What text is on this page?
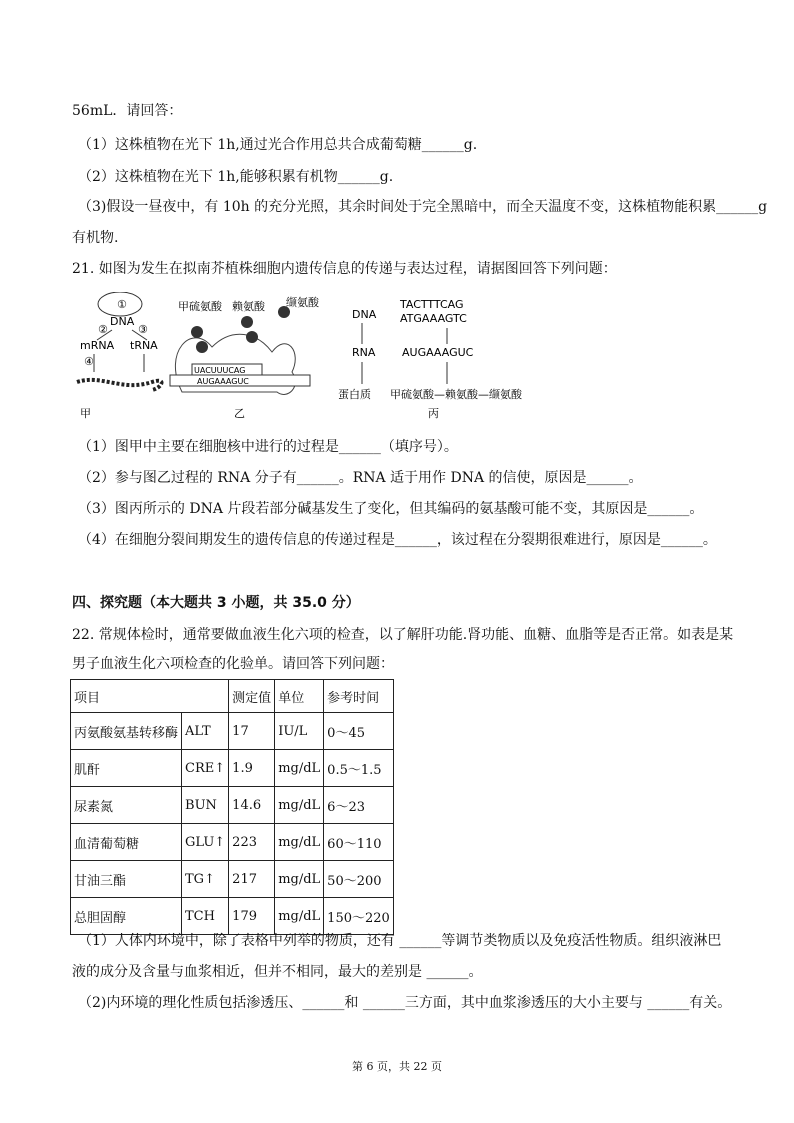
56mL．请回答：
（1）这株植物在光下 1h,通过光合作用总共合成葡萄糖______g.
（2）这株植物在光下 1h,能够积累有机物______g.
（3)假设一昼夜中，有 10h 的充分光照，其余时间处于完全黑暗中，而全天温度不变，这株植物能积累______g
有机物.
21. 如图为发生在拟南芥植株细胞内遗传信息的传递与表达过程，请据图回答下列问题：
①
DNA
②	③
mRNA tRNA
④
甲
甲硫氨酸 赖氨酸 缬氨酸
UACUUUCAG
AUGAAAGUC
乙
DNA
RNA
蛋白质
TACTTTCAG
ATGAAAGTC
AUGAAAGUC
甲硫氨酸—赖氨酸—缬氨酸
丙
（1）图甲中主要在细胞核中进行的过程是______（填序号）。
（2）参与图乙过程的 RNA 分子有______。RNA 适于用作 DNA 的信使，原因是______。
（3）图丙所示的 DNA 片段若部分碱基发生了变化，但其编码的氨基酸可能不变，其原因是______。
（4）在细胞分裂间期发生的遗传信息的传递过程是______，该过程在分裂期很难进行，原因是______。
四、探究题（本大题共 3 小题，共 35.0 分）
22. 常规体检时，通常要做血液生化六项的检查，以了解肝功能.肾功能、血糖、血脂等是否正常。如表是某
男子血液生化六项检查的化验单。请回答下列问题：
项目		测定值	单位	参考时间
丙氨酸氨基转移酶	ALT	17	IU/L	0～45
肌酐	CRE↑	1.9	mg/dL	0.5～1.5
尿素氮	BUN	14.6	mg/dL	6～23
血清葡萄糖	GLU↑	223	mg/dL	60～110
甘油三酯	TG↑	217	mg/dL	50～200
总胆固醇	TCH	179	mg/dL	150～220
（1）人体内环境中，除了表格中列举的物质，还有 ______等调节类物质以及免疫活性物质。组织液淋巴
液的成分及含量与血浆相近，但并不相同，最大的差别是 ______。
（2)内环境的理化性质包括渗透压、______和 ______三方面，其中血浆渗透压的大小主要与 ______有关。
第 6 页，共 22 页
